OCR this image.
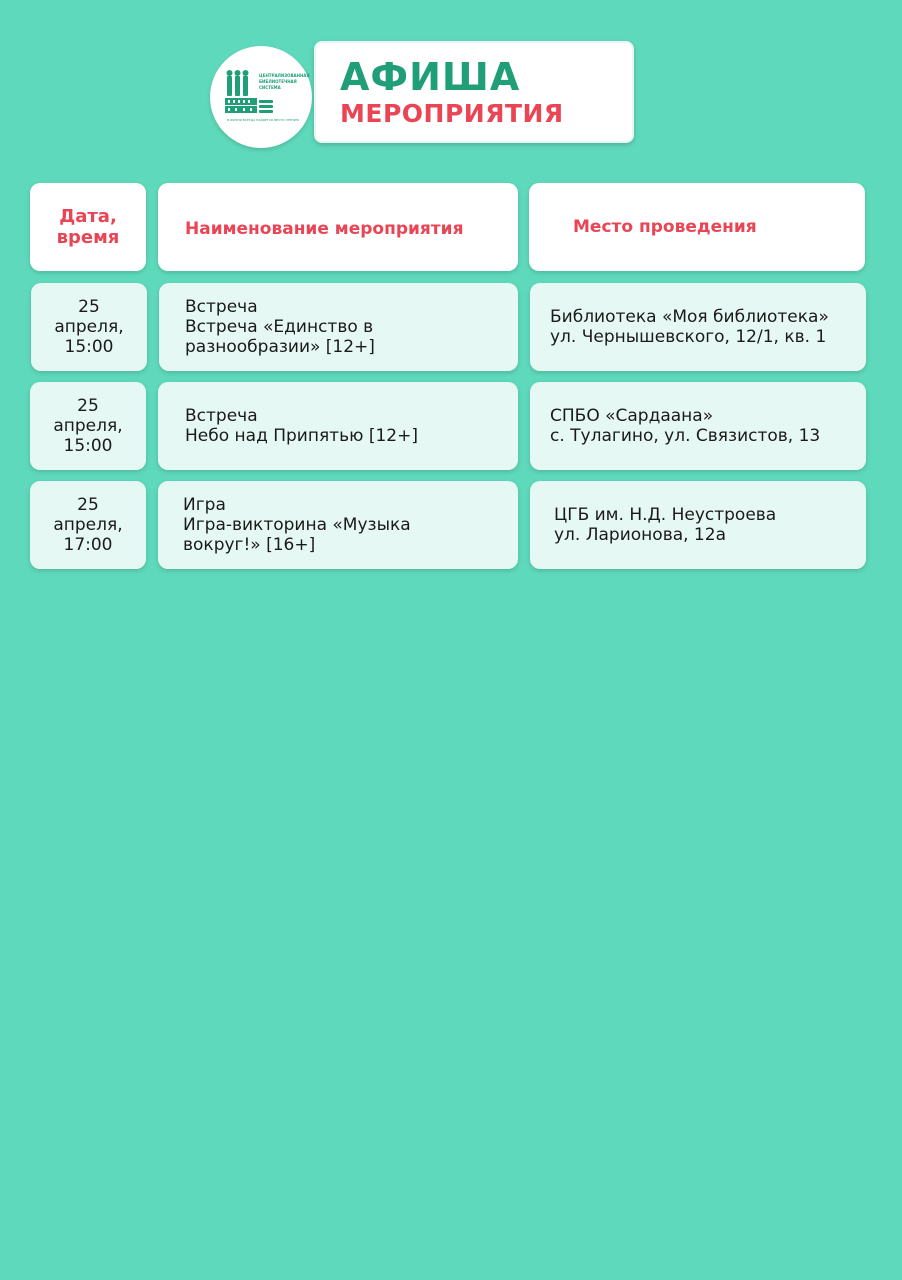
ЦЕНТРАЛИЗОВАННАЯ
БИБЛИОТЕЧНАЯ
СИСТЕМА
В ЖИЗНИ ВСЕГДА НАЙДЕТСЯ МЕСТО ЧТЕНИЮ
АФИША
МЕРОПРИЯТИЯ
Дата,
время	Наименование мероприятия	Место проведения
25
апреля,
15:00
Встреча
Встреча «Единство в
разнообразии» [12+]
Библиотека «Моя библиотека»
ул. Чернышевского, 12/1, кв. 1
25
апреля,
15:00
Встреча
Небо над Припятью [12+]
СПБО «Сардаана»
с. Тулагино, ул. Связистов, 13
25
апреля,
17:00
Игра
Игра-викторина «Музыка
вокруг!» [16+]
ЦГБ им. Н.Д. Неустроева
ул. Ларионова, 12а
